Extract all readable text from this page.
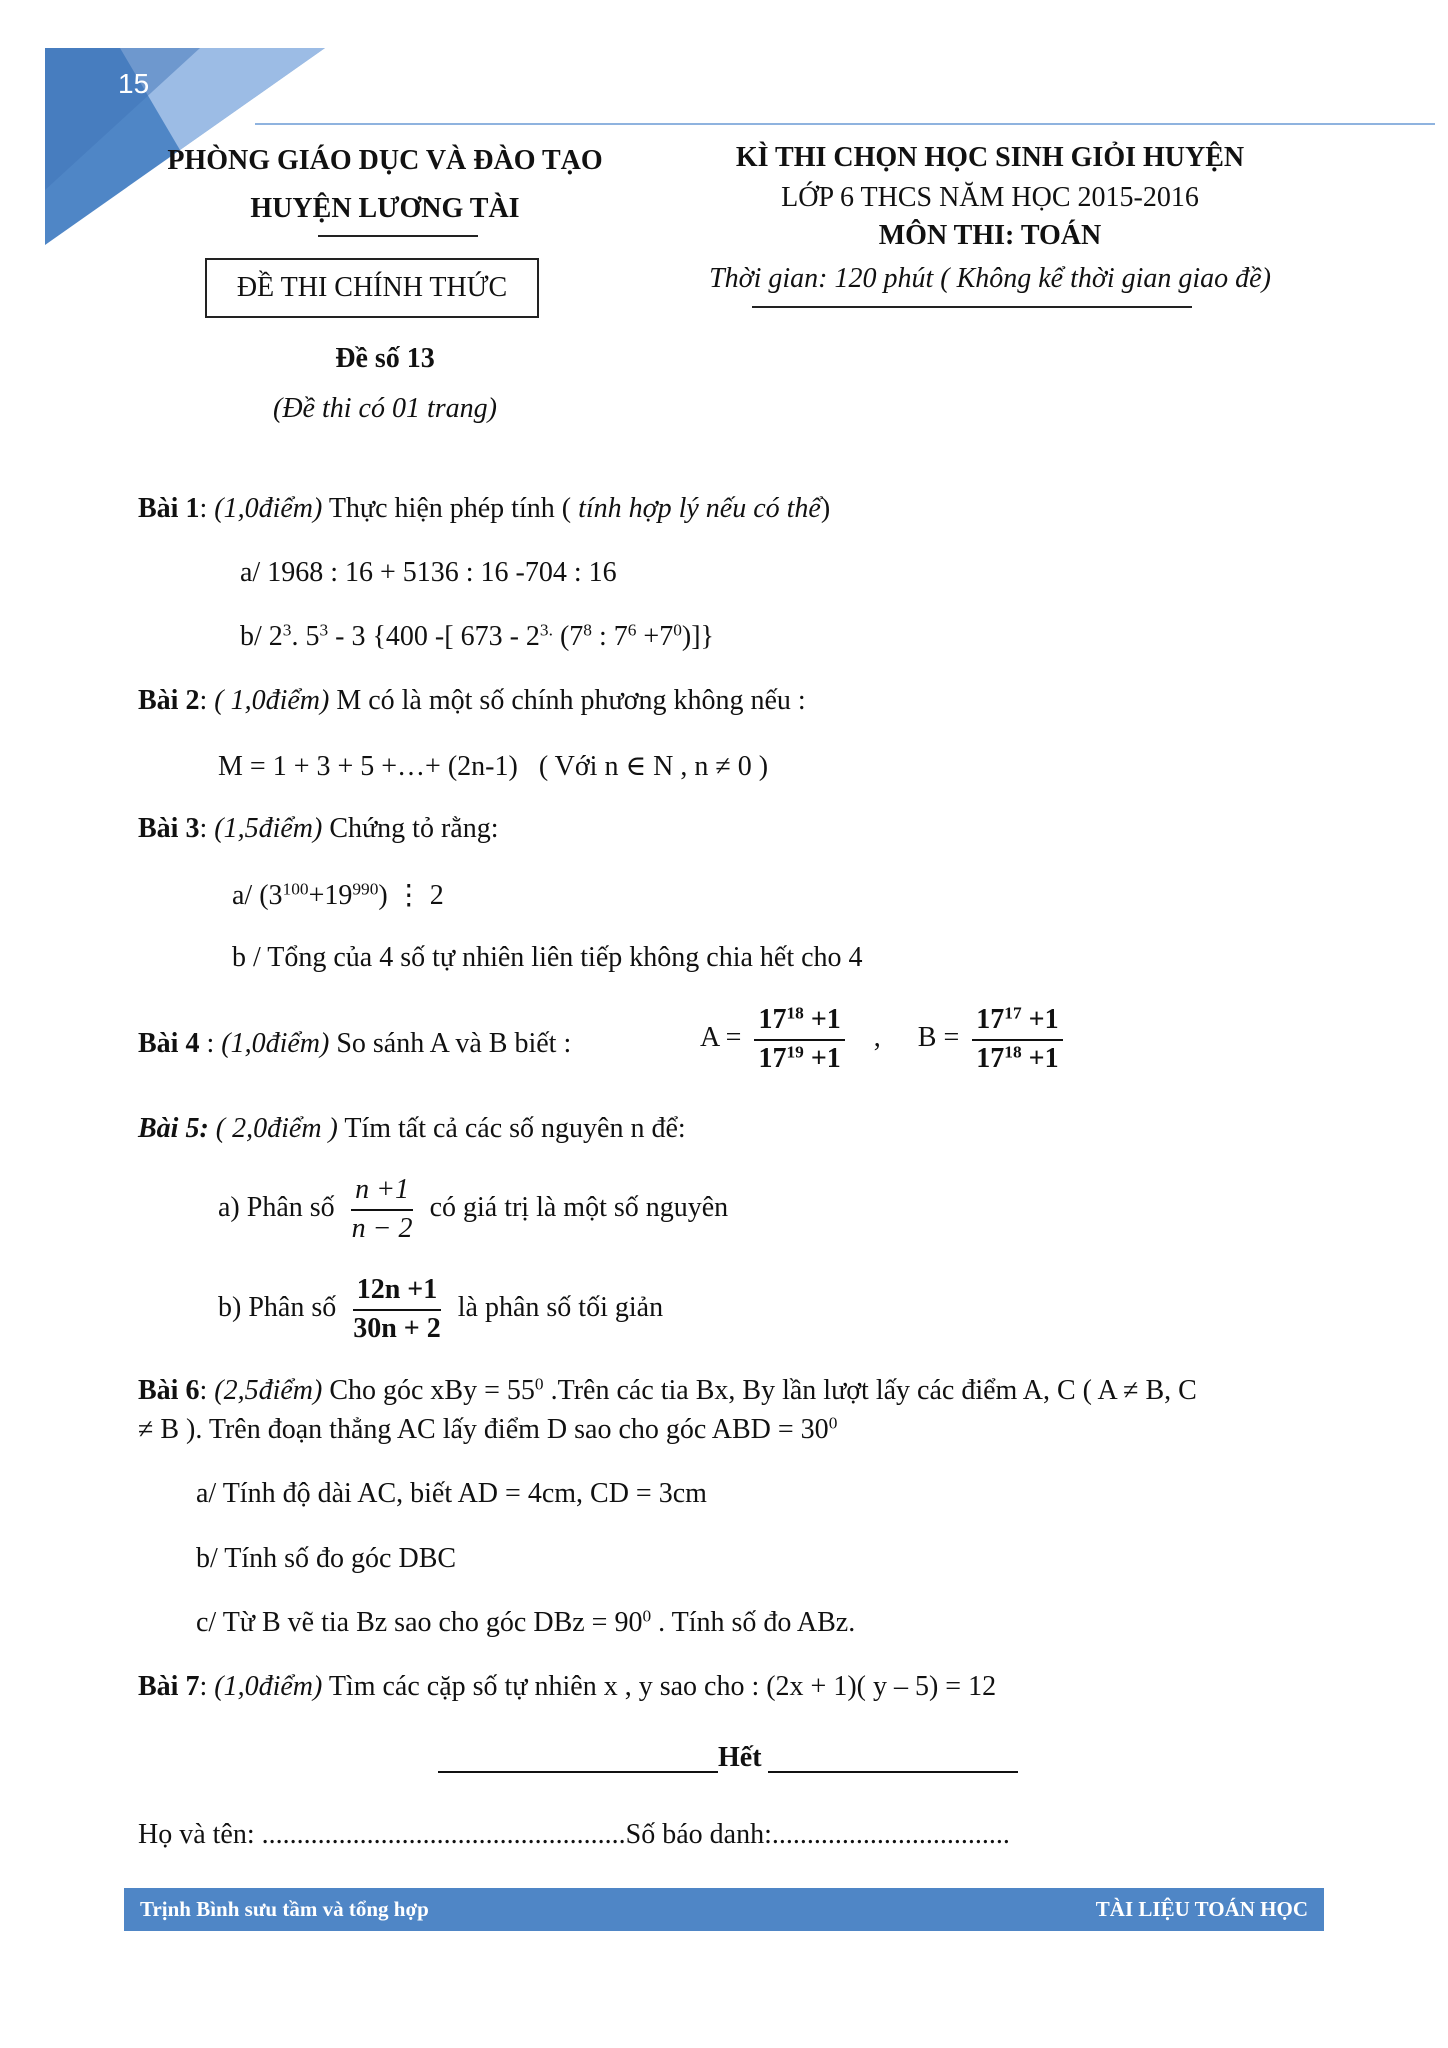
15
PHÒNG GIÁO DỤC VÀ ĐÀO TẠO
HUYỆN LƯƠNG TÀI
ĐỀ THI CHÍNH THỨC
Đề số 13
(Đề thi có 01 trang)
KÌ THI CHỌN HỌC SINH GIỎI HUYỆN
LỚP 6 THCS NĂM HỌC 2015-2016
MÔN THI: TOÁN
Thời gian: 120 phút ( Không kể thời gian giao đề)
Bài 1: (1,0điểm) Thực hiện phép tính ( tính hợp lý nếu có thể)
a/ 1968 : 16 + 5136 : 16 -704 : 16
b/ $2^3$. $5^3 - 3$ {400 -[ $673 - 2^{3.}$ ($7^8$ : $7^6 +7^0$)]}
Bài 2: ( 1,0điểm) M có là một số chính phương không nếu :
M = 1 + 3 + 5 +…+ (2n-1)   ( Với n ∈ N , n ≠ 0 )
Bài 3: (1,5điểm) Chứng tỏ rằng:
a/ $(3^{100}+19^{990})$ ⋮ 2
b / Tổng của 4 số tự nhiên liên tiếp không chia hết cho 4
Bài 4 : (1,0điểm) So sánh A và B biết :	$A = \frac{17^{18} +1}{17^{19} +1}$ , $B = \frac{17^{17} +1}{17^{18} +1}$
Bài 5: ( 2,0điểm ) Tím tất cả các số nguyên n để:
a) Phân số $\frac{n +1}{n - 2}$ có giá trị là một số nguyên
b) Phân số $\frac{12n +1}{30n + 2}$ là phân số tối giản
Bài 6: (2,5điểm) Cho góc xBy = $55^0$ .Trên các tia Bx, By lần lượt lấy các điểm A, C ( A ≠ B, C
≠ B ). Trên đoạn thẳng AC lấy điểm D sao cho góc ABD = $30^0$
a/ Tính độ dài AC, biết AD = 4cm, CD = 3cm
b/ Tính số đo góc DBC
c/ Từ B vẽ tia Bz sao cho góc DBz = $90^0$ . Tính số đo ABz.
Bài 7: (1,0điểm) Tìm các cặp số tự nhiên x , y sao cho : (2x + 1)( y – 5) = 12
Hết
Họ và tên: ....................................................Số báo danh:..................................
Trịnh Bình sưu tầm và tổng hợp	TÀI LIỆU TOÁN HỌC
